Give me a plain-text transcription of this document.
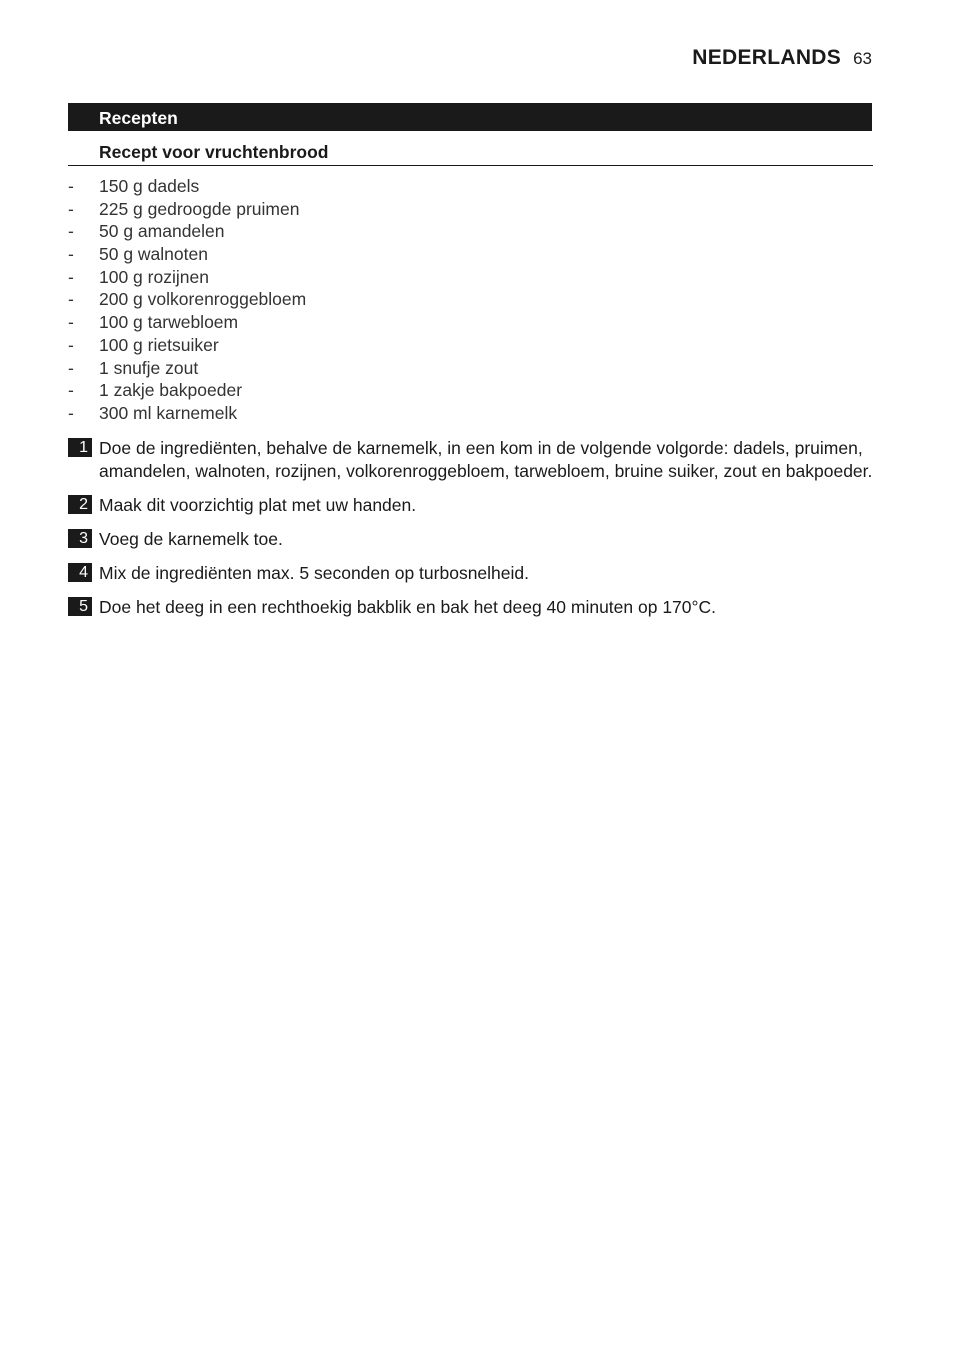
NEDERLANDS 63
Recepten
Recept voor vruchtenbrood
-	150 g dadels
-	225 g gedroogde pruimen
-	50 g amandelen
-	50 g walnoten
-	100 g rozijnen
-	200 g volkorenroggebloem
-	100 g tarwebloem
-	100 g rietsuiker
-	1 snufje zout
-	1 zakje bakpoeder
-	300 ml karnemelk
1 Doe de ingrediënten, behalve de karnemelk, in een kom in de volgende volgorde: dadels, pruimen, amandelen, walnoten, rozijnen, volkorenroggebloem, tarwebloem, bruine suiker, zout en bakpoeder.
2 Maak dit voorzichtig plat met uw handen.
3 Voeg de karnemelk toe.
4 Mix de ingrediënten max. 5 seconden op turbosnelheid.
5 Doe het deeg in een rechthoekig bakblik en bak het deeg 40 minuten op 170°C.
